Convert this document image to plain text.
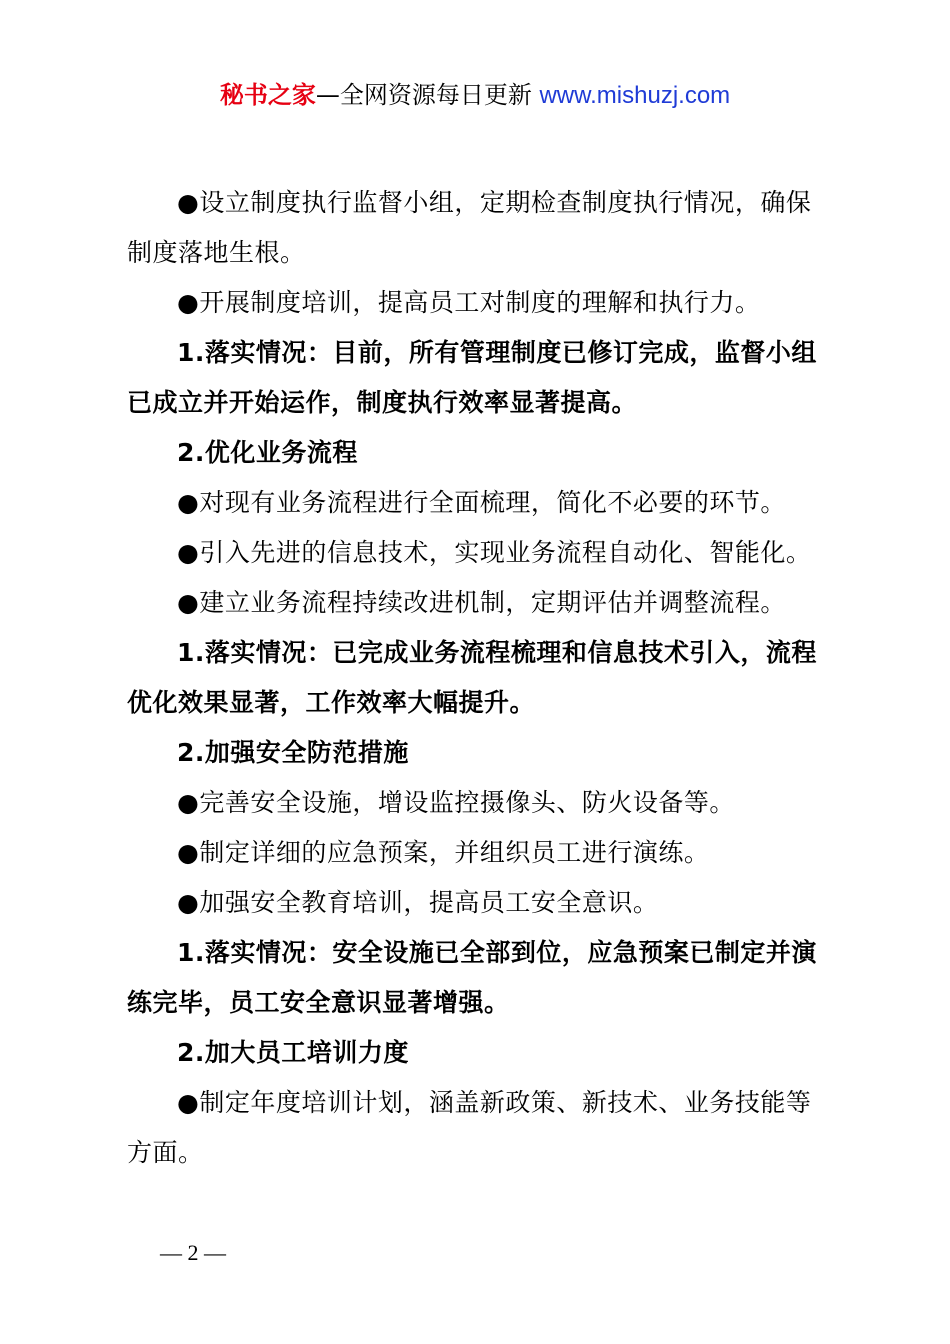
秘书之家—全网资源每日更新 www.mishuzj.com

●设立制度执行监督小组，定期检查制度执行情况，确保制度落地生根。

●开展制度培训，提高员工对制度的理解和执行力。

1.落实情况：目前，所有管理制度已修订完成，监督小组已成立并开始运作，制度执行效率显著提高。

2.优化业务流程

●对现有业务流程进行全面梳理，简化不必要的环节。

●引入先进的信息技术，实现业务流程自动化、智能化。

●建立业务流程持续改进机制，定期评估并调整流程。

1.落实情况：已完成业务流程梳理和信息技术引入，流程优化效果显著，工作效率大幅提升。

2.加强安全防范措施

●完善安全设施，增设监控摄像头、防火设备等。

●制定详细的应急预案，并组织员工进行演练。

●加强安全教育培训，提高员工安全意识。

1.落实情况：安全设施已全部到位，应急预案已制定并演练完毕，员工安全意识显著增强。

2.加大员工培训力度

●制定年度培训计划，涵盖新政策、新技术、业务技能等方面。

— 2 —
